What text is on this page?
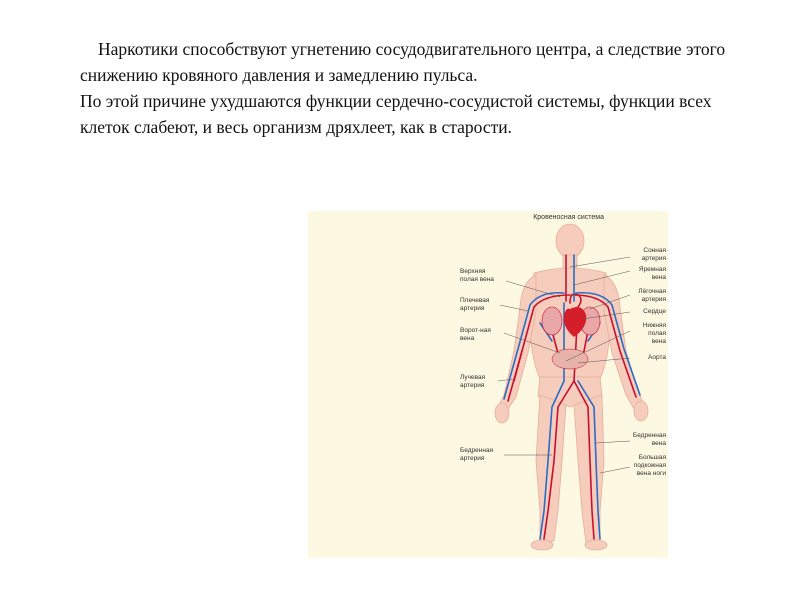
Наркотики способствуют угнетению сосудодвигательного центра, а следствие этого снижению кровяного давления и замедлению пульса.

По этой причине ухудшаются функции сердечно-сосудистой системы, функции всех клеток слабеют, и весь организм дряхлеет, как в старости.

Кровеносная система
Верхняя
полая вена
Плечевая
артерия
Ворот-ная
вена
Лучевая
артерия
Бедренная
артерия
Сонная
артерия
Яремная
вена
Лёгочная
артерия
Сердце
Нижняя
полая
вена
Аорта
Бедренная
вена
Большая
подкожная
вена ноги
